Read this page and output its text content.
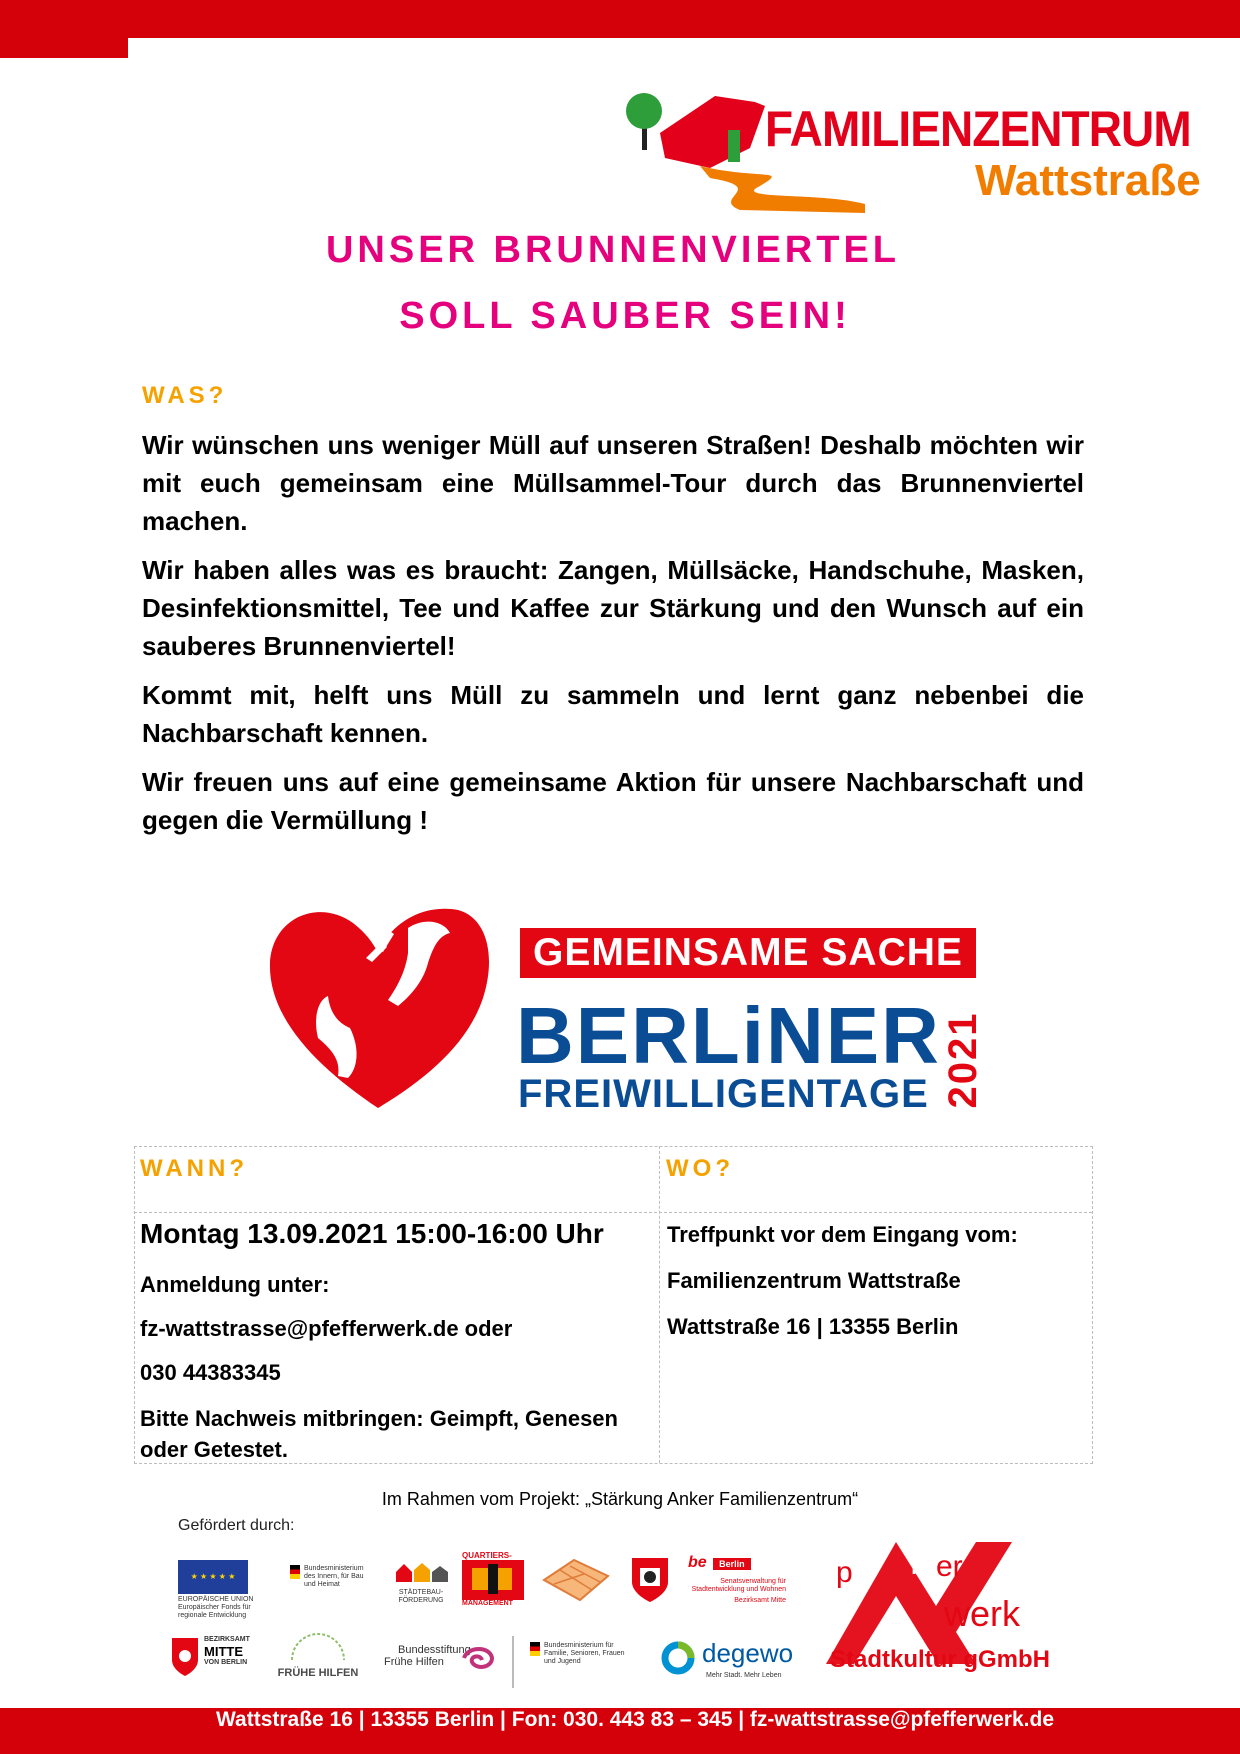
FAMILIENZENTRUM
Wattstraße
UNSER BRUNNENVIERTEL
SOLL SAUBER SEIN!
WAS?
Wir wünschen uns weniger Müll auf unseren Straßen! Deshalb möchten wir mit euch gemeinsam eine Müllsammel-Tour durch das Brunnenviertel machen.
Wir haben alles was es braucht: Zangen, Müllsäcke, Handschuhe, Masken, Desinfektionsmittel, Tee und Kaffee zur Stärkung und den Wunsch auf ein sauberes Brunnenviertel!
Kommt mit, helft uns Müll zu sammeln und lernt ganz nebenbei die Nachbarschaft kennen.
Wir freuen uns auf eine gemeinsame Aktion für unsere Nachbarschaft und gegen die Vermüllung !
GEMEINSAME SACHE
BERLiNER
FREIWILLIGENTAGE 2021
WANN?	WO?
Montag 13.09.2021 15:00-16:00 Uhr
Anmeldung unter:
fz-wattstrasse@pfefferwerk.de oder
030 44383345
Bitte Nachweis mitbringen: Geimpft, Genesen oder Getestet.
Treffpunkt vor dem Eingang vom:
Familienzentrum Wattstraße
Wattstraße 16 | 13355 Berlin
Im Rahmen vom Projekt: „Stärkung Anker Familienzentrum“
Gefördert durch:
★ ★ ★ ★ ★
EUROPÄISCHE UNION
Europäischer Fonds für regionale Entwicklung
Bundesministerium des Innern, für Bau und Heimat
STÄDTEBAU-FÖRDERUNG
QUARTIERS-
MANAGEMENT
be Berlin
Senatsverwaltung für Stadtentwicklung und Wohnen
Bezirksamt Mitte
BEZIRKSAMT
MITTE
VON BERLIN
FRÜHE HILFEN
Bundesstiftung
Frühe Hilfen
Bundesministerium für Familie, Senioren, Frauen und Jugend	degewo
Mehr Stadt. Mehr Leben
p fe ff er
werk
Stadtkultur gGmbH
Wattstraße 16 | 13355 Berlin | Fon: 030. 443 83 – 345 | fz-wattstrasse@pfefferwerk.de
